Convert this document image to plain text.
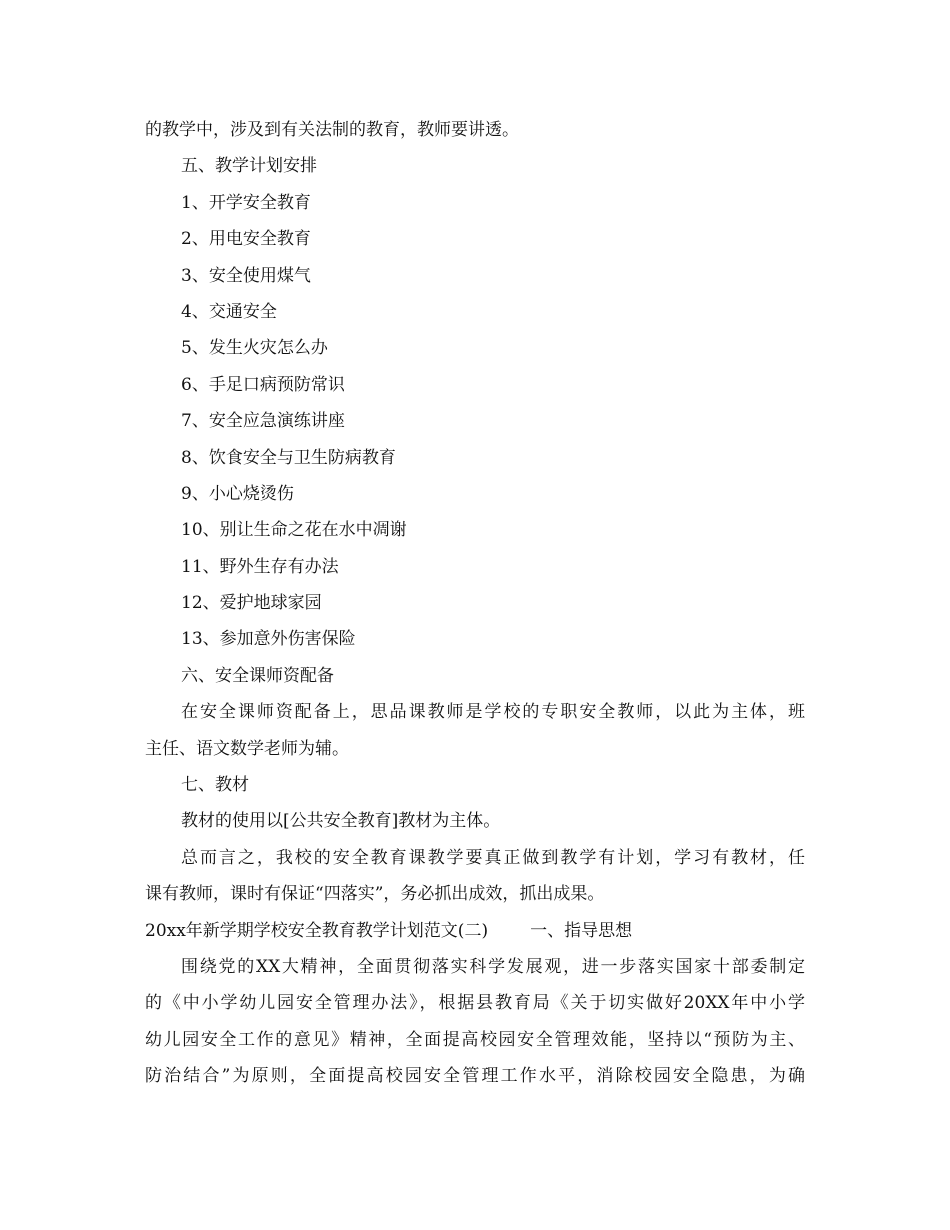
的教学中，涉及到有关法制的教育，教师要讲透。
五、教学计划安排
1、开学安全教育
2、用电安全教育
3、安全使用煤气
4、交通安全
5、发生火灾怎么办
6、手足口病预防常识
7、安全应急演练讲座
8、饮食安全与卫生防病教育
9、小心烧烫伤
10、别让生命之花在水中凋谢
11、野外生存有办法
12、爱护地球家园
13、参加意外伤害保险
六、安全课师资配备
在安全课师资配备上，思品课教师是学校的专职安全教师，以此为主体，班
主任、语文数学老师为辅。
七、教材
教材的使用以[公共安全教育]教材为主体。
总而言之，我校的安全教育课教学要真正做到教学有计划，学习有教材，任
课有教师，课时有保证“四落实”，务必抓出成效，抓出成果。
20xx年新学期学校安全教育教学计划范文(二) 一、指导思想
围绕党的XX大精神，全面贯彻落实科学发展观，进一步落实国家十部委制定
的《中小学幼儿园安全管理办法》，根据县教育局《关于切实做好20XX年中小学
幼儿园安全工作的意见》精神，全面提高校园安全管理效能，坚持以“预防为主、
防治结合”为原则，全面提高校园安全管理工作水平，消除校园安全隐患，为确
